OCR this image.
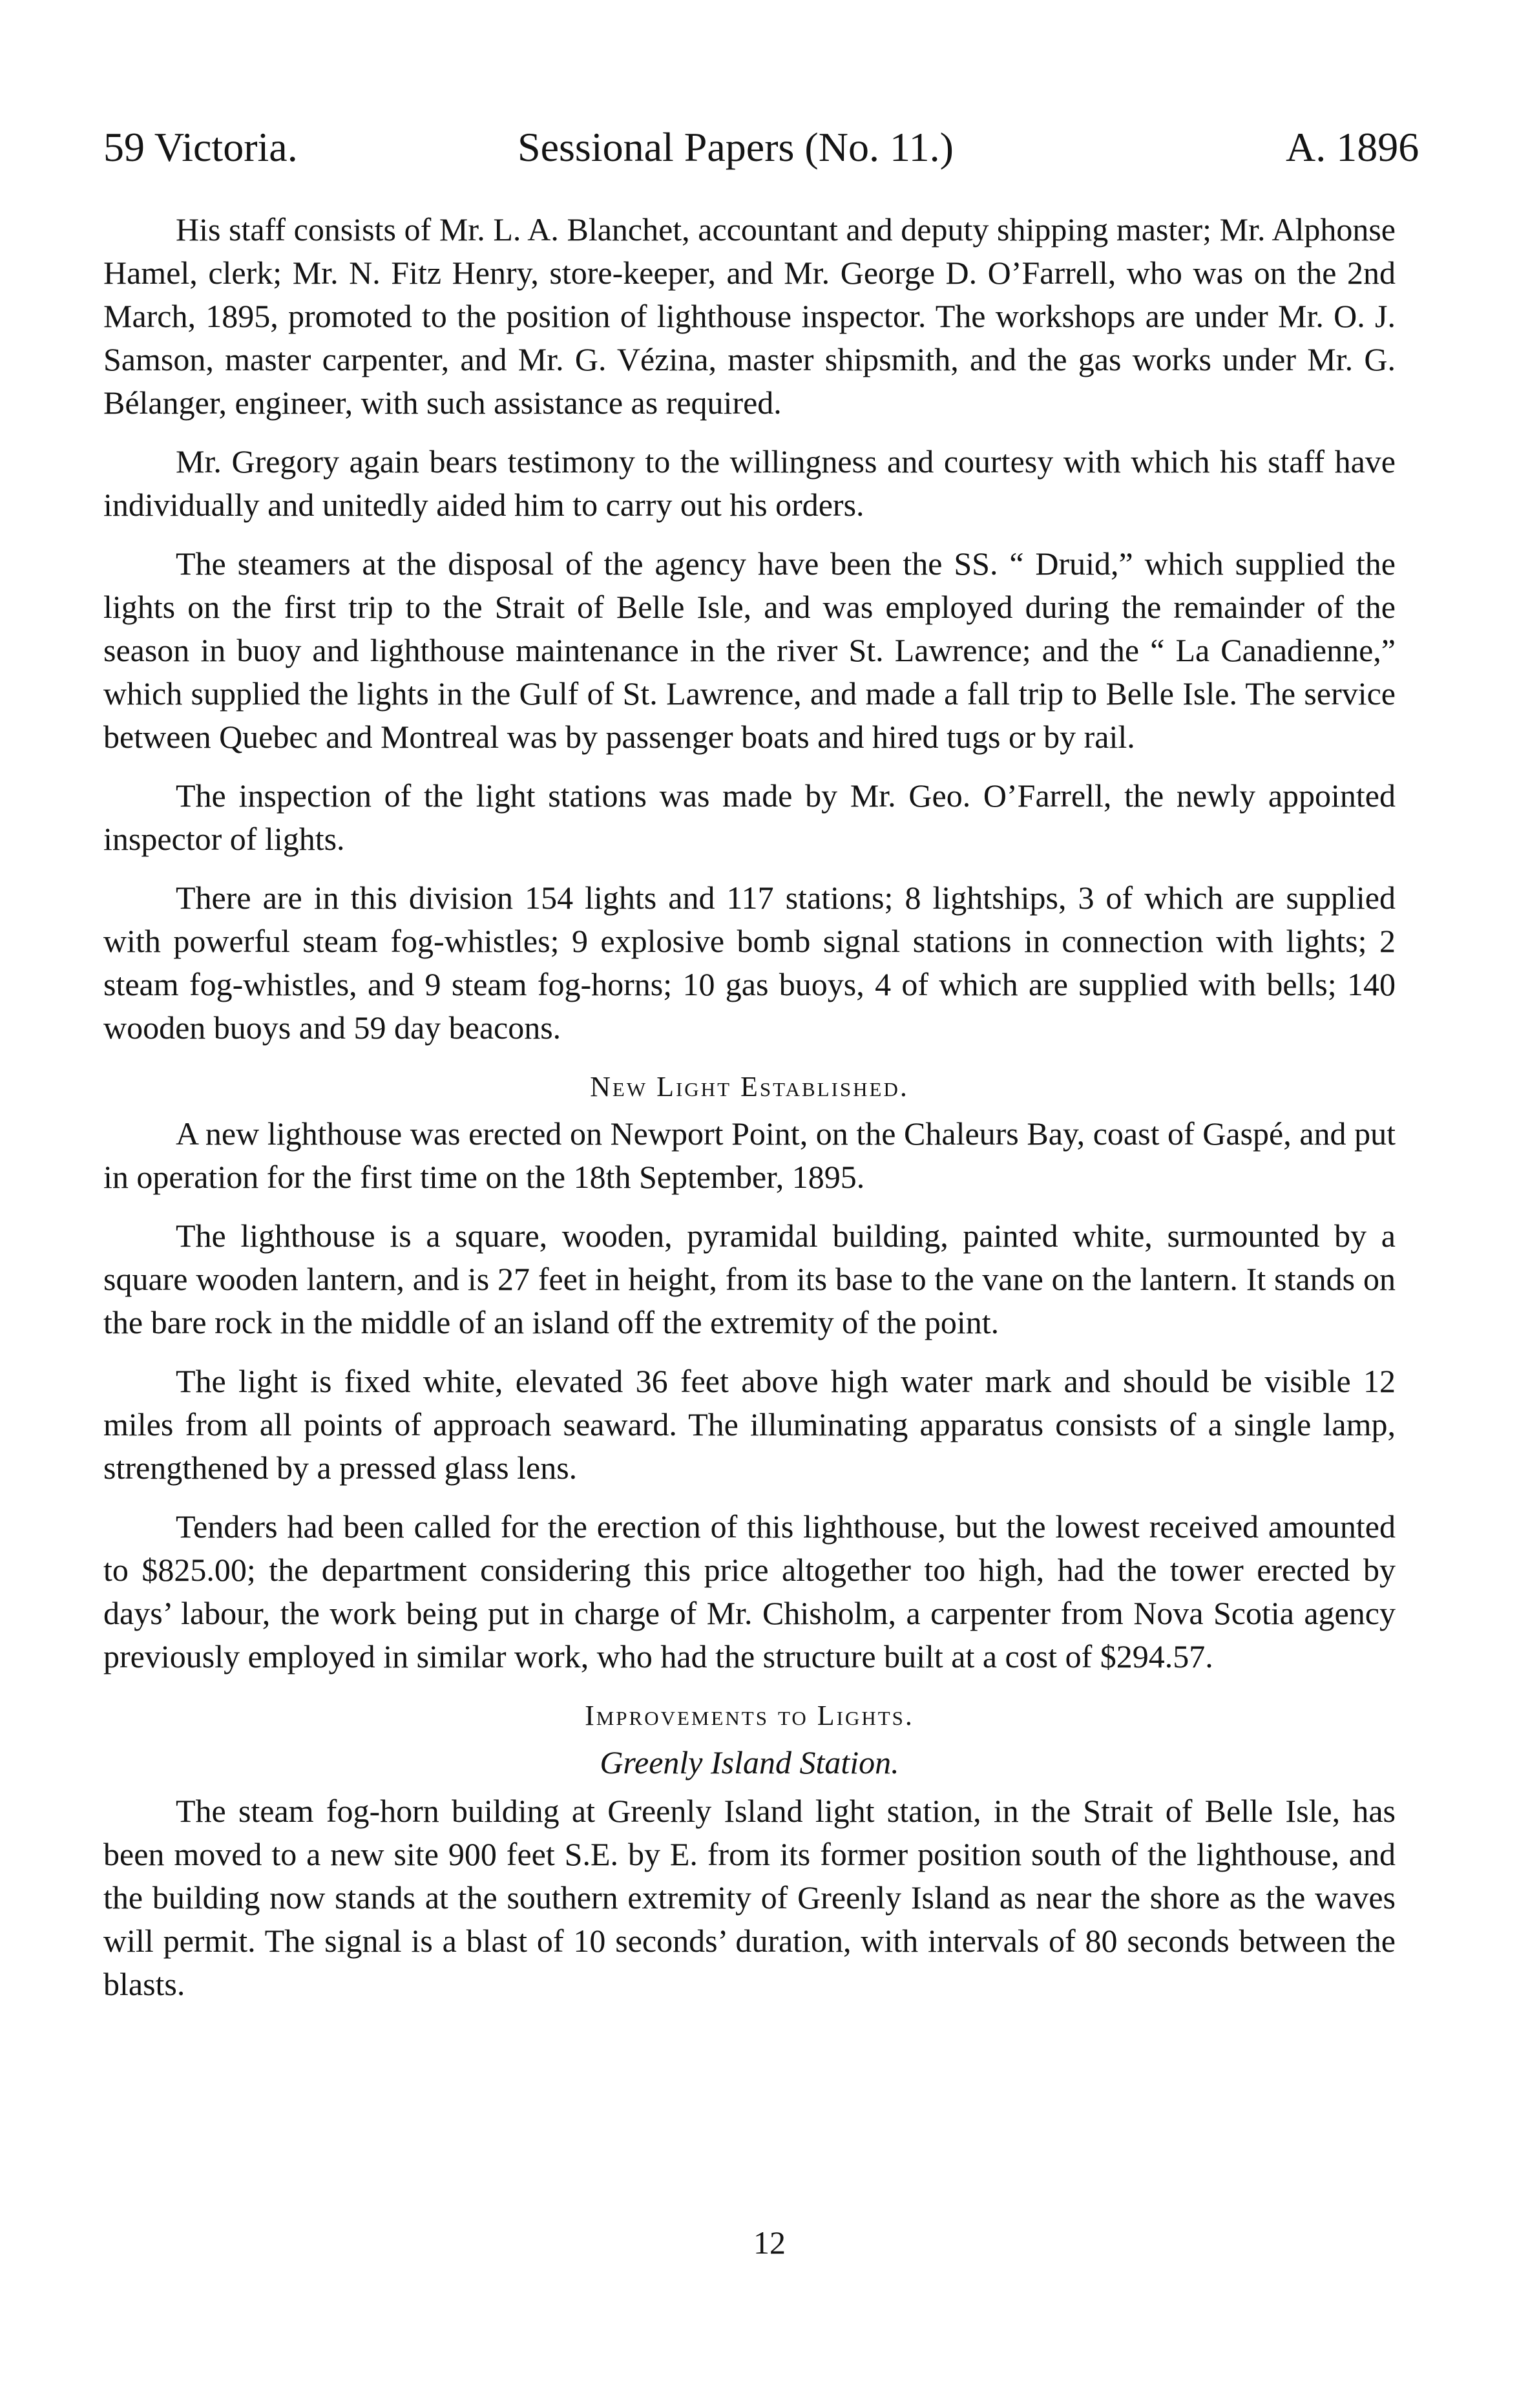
59 Victoria.	Sessional Papers (No. 11.)	A. 1896

His staff consists of Mr. L. A. Blanchet, accountant and deputy shipping master; Mr. Alphonse Hamel, clerk; Mr. N. Fitz Henry, store-keeper, and Mr. George D. O’Farrell, who was on the 2nd March, 1895, promoted to the position of lighthouse inspector. The workshops are under Mr. O. J. Samson, master carpenter, and Mr. G. Vézina, master shipsmith, and the gas works under Mr. G. Bélanger, engineer, with such assistance as required.

Mr. Gregory again bears testimony to the willingness and courtesy with which his staff have individually and unitedly aided him to carry out his orders.

The steamers at the disposal of the agency have been the SS. “ Druid,” which supplied the lights on the first trip to the Strait of Belle Isle, and was employed during the remainder of the season in buoy and lighthouse maintenance in the river St. Lawrence; and the “ La Canadienne,” which supplied the lights in the Gulf of St. Lawrence, and made a fall trip to Belle Isle. The service between Quebec and Montreal was by passenger boats and hired tugs or by rail.

The inspection of the light stations was made by Mr. Geo. O’Farrell, the newly appointed inspector of lights.

There are in this division 154 lights and 117 stations; 8 lightships, 3 of which are supplied with powerful steam fog-whistles; 9 explosive bomb signal stations in connection with lights; 2 steam fog-whistles, and 9 steam fog-horns; 10 gas buoys, 4 of which are supplied with bells; 140 wooden buoys and 59 day beacons.

New Light Established.

A new lighthouse was erected on Newport Point, on the Chaleurs Bay, coast of Gaspé, and put in operation for the first time on the 18th September, 1895.

The lighthouse is a square, wooden, pyramidal building, painted white, surmounted by a square wooden lantern, and is 27 feet in height, from its base to the vane on the lantern. It stands on the bare rock in the middle of an island off the extremity of the point.

The light is fixed white, elevated 36 feet above high water mark and should be visible 12 miles from all points of approach seaward. The illuminating apparatus consists of a single lamp, strengthened by a pressed glass lens.

Tenders had been called for the erection of this lighthouse, but the lowest received amounted to $825.00; the department considering this price altogether too high, had the tower erected by days’ labour, the work being put in charge of Mr. Chisholm, a carpenter from Nova Scotia agency previously employed in similar work, who had the structure built at a cost of $294.57.

Improvements to Lights.
Greenly Island Station.

The steam fog-horn building at Greenly Island light station, in the Strait of Belle Isle, has been moved to a new site 900 feet S.E. by E. from its former position south of the lighthouse, and the building now stands at the southern extremity of Greenly Island as near the shore as the waves will permit. The signal is a blast of 10 seconds’ duration, with intervals of 80 seconds between the blasts.

12
